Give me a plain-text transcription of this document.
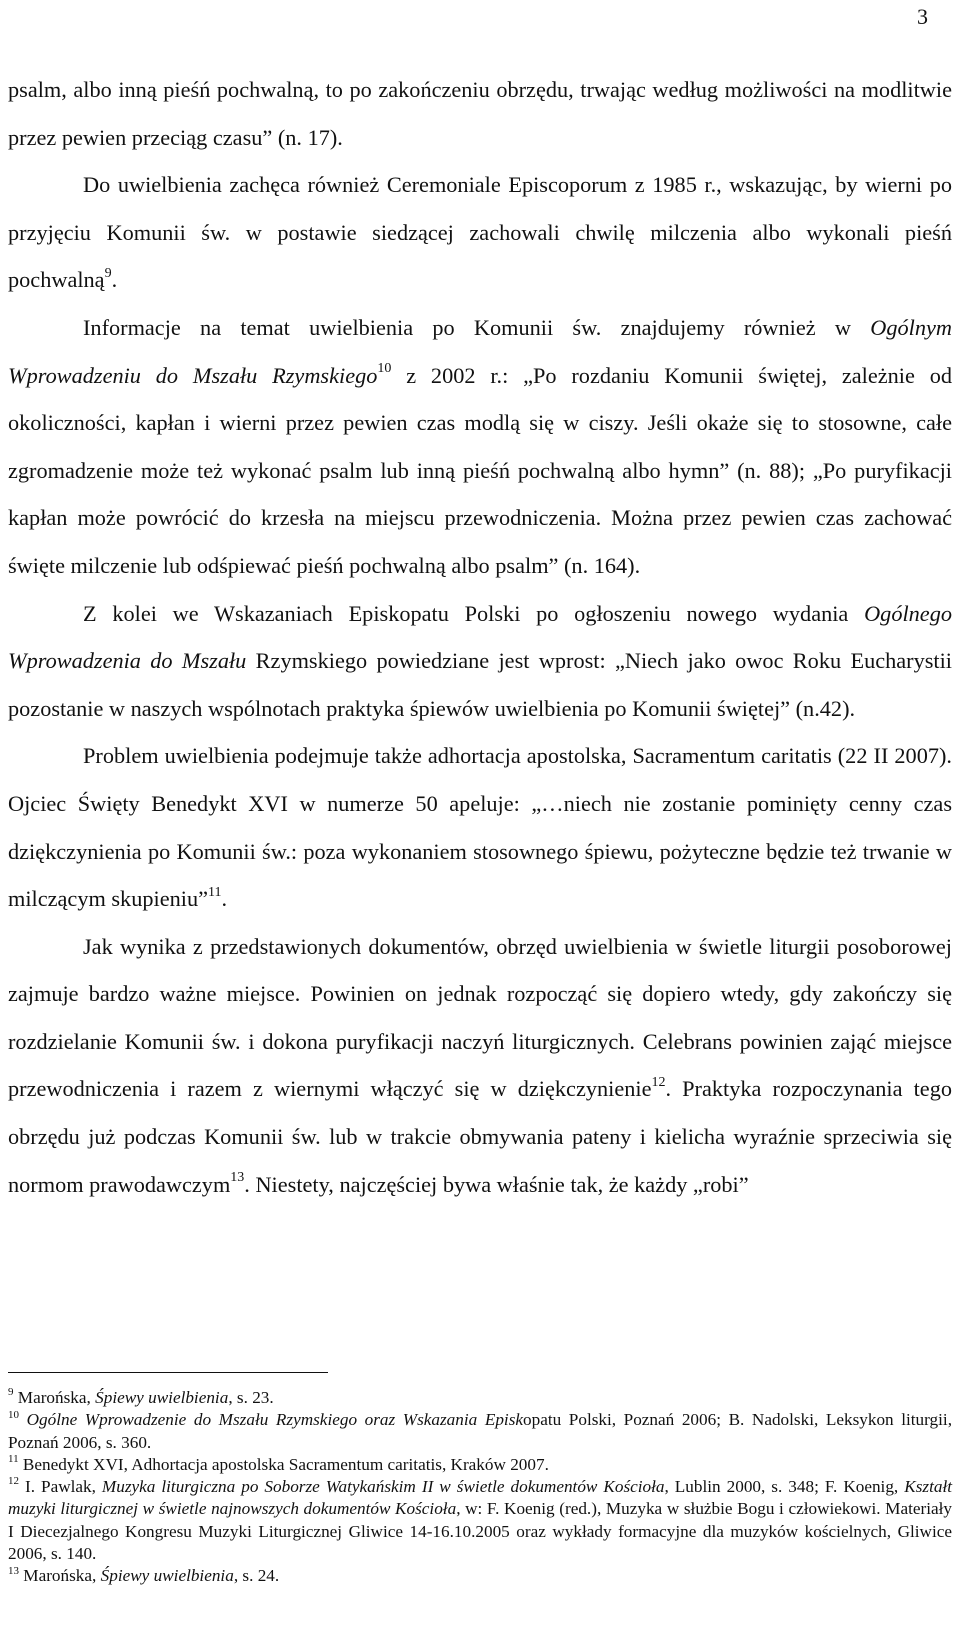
3

psalm, albo inną pieśń pochwalną, to po zakończeniu obrzędu, trwając według możliwości na modlitwie przez pewien przeciąg czasu” (n. 17).

Do uwielbienia zachęca również Ceremoniale Episcoporum z 1985 r., wskazując, by wierni po przyjęciu Komunii św. w postawie siedzącej zachowali chwilę milczenia albo wykonali pieśń pochwalną$^9$.

Informacje na temat uwielbienia po Komunii św. znajdujemy również w Ogólnym Wprowadzeniu do Mszału Rzymskiego$^{10}$ z 2002 r.: „Po rozdaniu Komunii świętej, zależnie od okoliczności, kapłan i wierni przez pewien czas modlą się w ciszy. Jeśli okaże się to stosowne, całe zgromadzenie może też wykonać psalm lub inną pieśń pochwalną albo hymn” (n. 88); „Po puryfikacji kapłan może powrócić do krzesła na miejscu przewodniczenia. Można przez pewien czas zachować święte milczenie lub odśpiewać pieśń pochwalną albo psalm” (n. 164).

Z kolei we Wskazaniach Episkopatu Polski po ogłoszeniu nowego wydania Ogólnego Wprowadzenia do Mszału Rzymskiego powiedziane jest wprost: „Niech jako owoc Roku Eucharystii pozostanie w naszych wspólnotach praktyka śpiewów uwielbienia po Komunii świętej” (n.42).

Problem uwielbienia podejmuje także adhortacja apostolska, Sacramentum caritatis (22 II 2007). Ojciec Święty Benedykt XVI w numerze 50 apeluje: „…niech nie zostanie pominięty cenny czas dziękczynienia po Komunii św.: poza wykonaniem stosownego śpiewu, pożyteczne będzie też trwanie w milczącym skupieniu”$^{11}$.

Jak wynika z przedstawionych dokumentów, obrzęd uwielbienia w świetle liturgii posoborowej zajmuje bardzo ważne miejsce. Powinien on jednak rozpocząć się dopiero wtedy, gdy zakończy się rozdzielanie Komunii św. i dokona puryfikacji naczyń liturgicznych. Celebrans powinien zająć miejsce przewodniczenia i razem z wiernymi włączyć się w dziękczynienie$^{12}$. Praktyka rozpoczynania tego obrzędu już podczas Komunii św. lub w trakcie obmywania pateny i kielicha wyraźnie sprzeciwia się normom prawodawczym$^{13}$. Niestety, najczęściej bywa właśnie tak, że każdy „robi”

$^9$ Marońska, Śpiewy uwielbienia, s. 23.

$^{10}$ Ogólne Wprowadzenie do Mszału Rzymskiego oraz Wskazania Episkopatu Polski, Poznań 2006; B. Nadolski, Leksykon liturgii, Poznań 2006, s. 360.

$^{11}$ Benedykt XVI, Adhortacja apostolska Sacramentum caritatis, Kraków 2007.

$^{12}$ I. Pawlak, Muzyka liturgiczna po Soborze Watykańskim II w świetle dokumentów Kościoła, Lublin 2000, s. 348; F. Koenig, Kształt muzyki liturgicznej w świetle najnowszych dokumentów Kościoła, w: F. Koenig (red.), Muzyka w służbie Bogu i człowiekowi. Materiały I Diecezjalnego Kongresu Muzyki Liturgicznej Gliwice 14-16.10.2005 oraz wykłady formacyjne dla muzyków kościelnych, Gliwice 2006, s. 140.

$^{13}$ Marońska, Śpiewy uwielbienia, s. 24.
